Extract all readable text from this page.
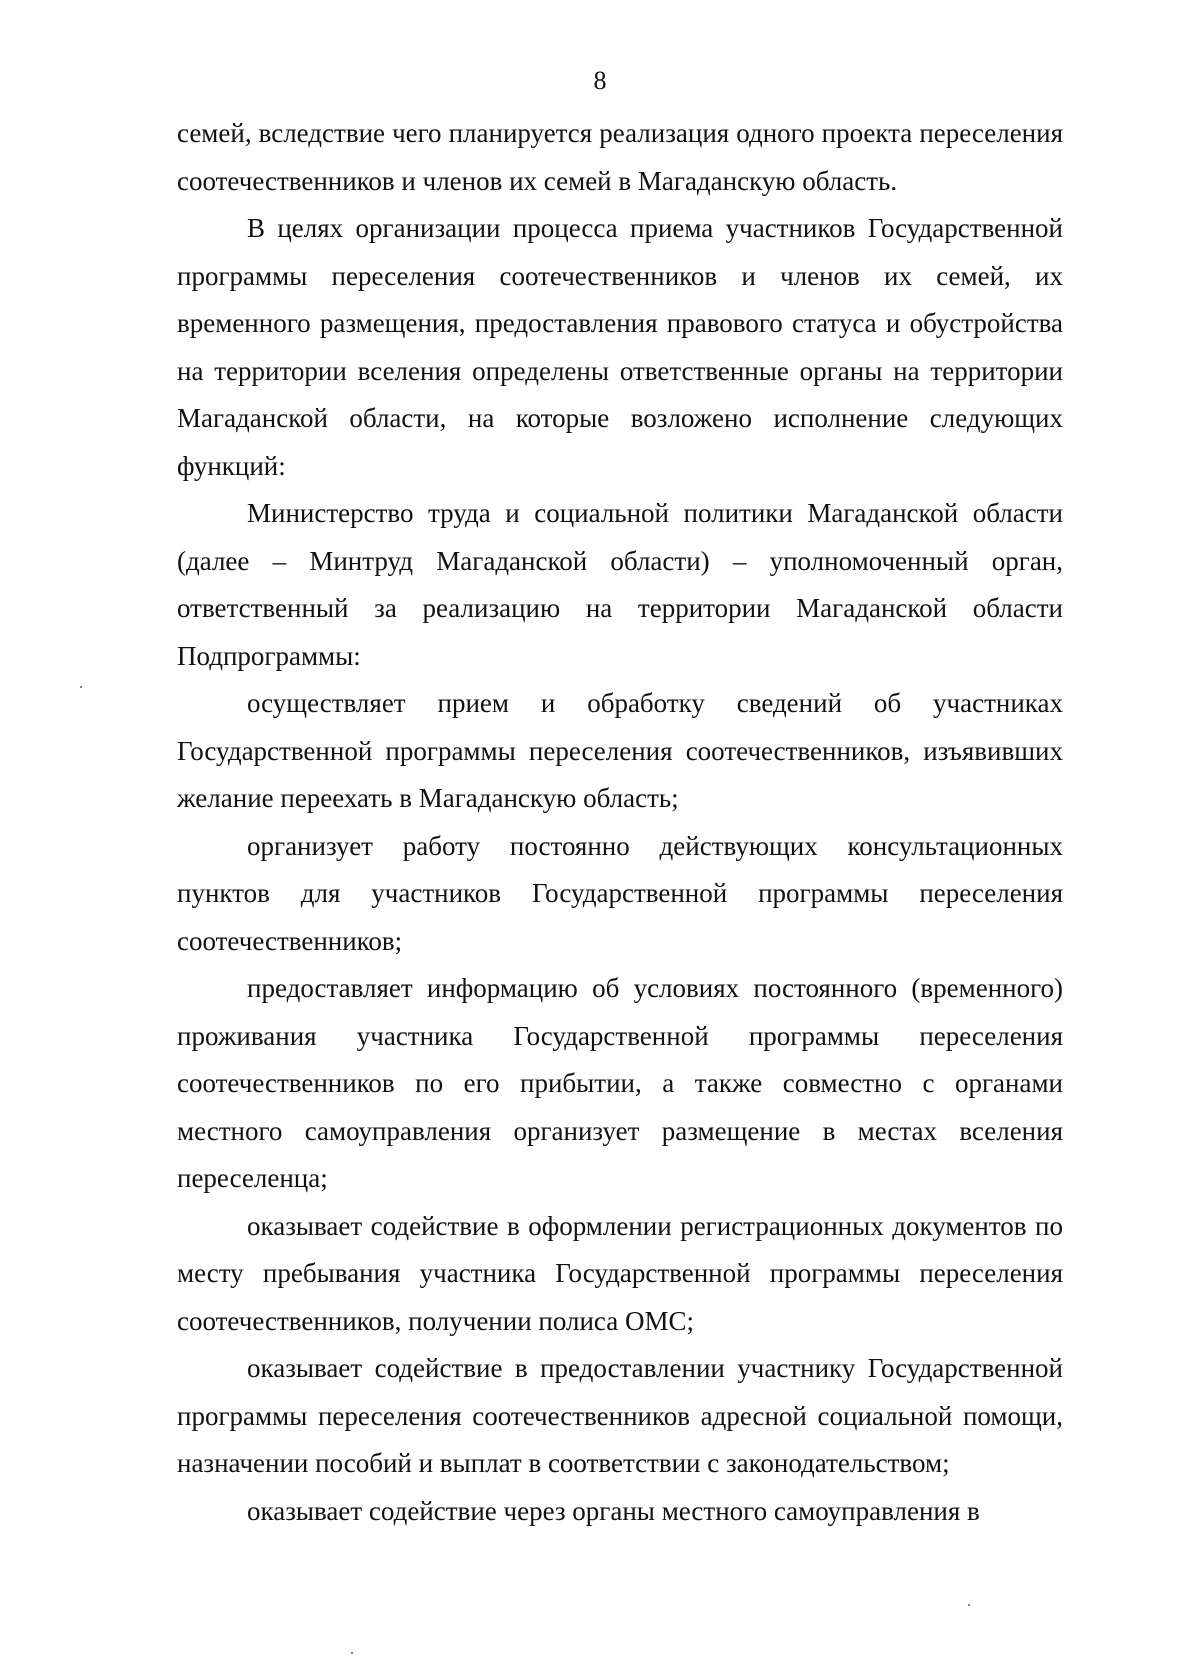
8

семей, вследствие чего планируется реализация одного проекта переселения соотечественников и членов их семей в Магаданскую область.

В целях организации процесса приема участников Государственной программы переселения соотечественников и членов их семей, их временного размещения, предоставления правового статуса и обустройства на территории вселения определены ответственные органы на территории Магаданской области, на которые возложено исполнение следующих функций:

Министерство труда и социальной политики Магаданской области (далее – Минтруд Магаданской области) – уполномоченный орган, ответственный за реализацию на территории Магаданской области Подпрограммы:

осуществляет прием и обработку сведений об участниках Государственной программы переселения соотечественников, изъявивших желание переехать в Магаданскую область;

организует работу постоянно действующих консультационных пунктов для участников Государственной программы переселения соотечественников;

предоставляет информацию об условиях постоянного (временного) проживания участника Государственной программы переселения соотечественников по его прибытии, а также совместно с органами местного самоуправления организует размещение в местах вселения переселенца;

оказывает содействие в оформлении регистрационных документов по месту пребывания участника Государственной программы переселения соотечественников, получении полиса ОМС;

оказывает содействие в предоставлении участнику Государственной программы переселения соотечественников адресной социальной помощи, назначении пособий и выплат в соответствии с законодательством;

оказывает содействие через органы местного самоуправления в
